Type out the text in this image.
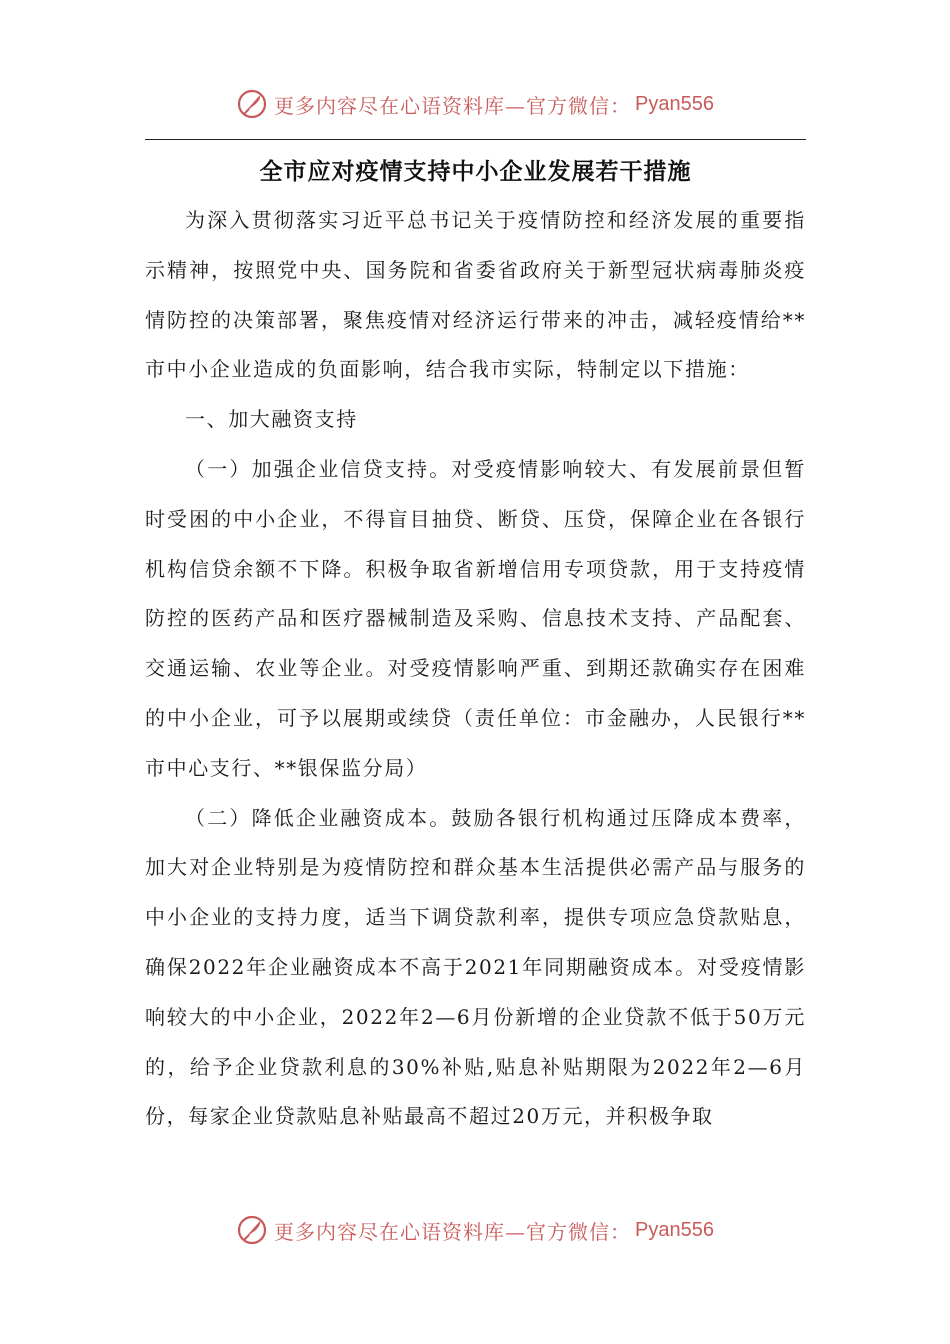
更多内容尽在心语资料库—官方微信： Pyan556
全市应对疫情支持中小企业发展若干措施

为深入贯彻落实习近平总书记关于疫情防控和经济发展的重要指示精神，按照党中央、国务院和省委省政府关于新型冠状病毒肺炎疫情防控的决策部署，聚焦疫情对经济运行带来的冲击，减轻疫情给**市中小企业造成的负面影响，结合我市实际，特制定以下措施：

一、加大融资支持

（一）加强企业信贷支持。对受疫情影响较大、有发展前景但暂时受困的中小企业，不得盲目抽贷、断贷、压贷，保障企业在各银行机构信贷余额不下降。积极争取省新增信用专项贷款，用于支持疫情防控的医药产品和医疗器械制造及采购、信息技术支持、产品配套、交通运输、农业等企业。对受疫情影响严重、到期还款确实存在困难的中小企业，可予以展期或续贷（责任单位：市金融办，人民银行**市中心支行、**银保监分局）

（二）降低企业融资成本。鼓励各银行机构通过压降成本费率，加大对企业特别是为疫情防控和群众基本生活提供必需产品与服务的中小企业的支持力度，适当下调贷款利率，提供专项应急贷款贴息，确保2022年企业融资成本不高于2021年同期融资成本。对受疫情影响较大的中小企业，2022年2—6月份新增的企业贷款不低于50万元的，给予企业贷款利息的30%补贴,贴息补贴期限为2022年2—6月份，每家企业贷款贴息补贴最高不超过20万元，并积极争取

更多内容尽在心语资料库—官方微信： Pyan556
